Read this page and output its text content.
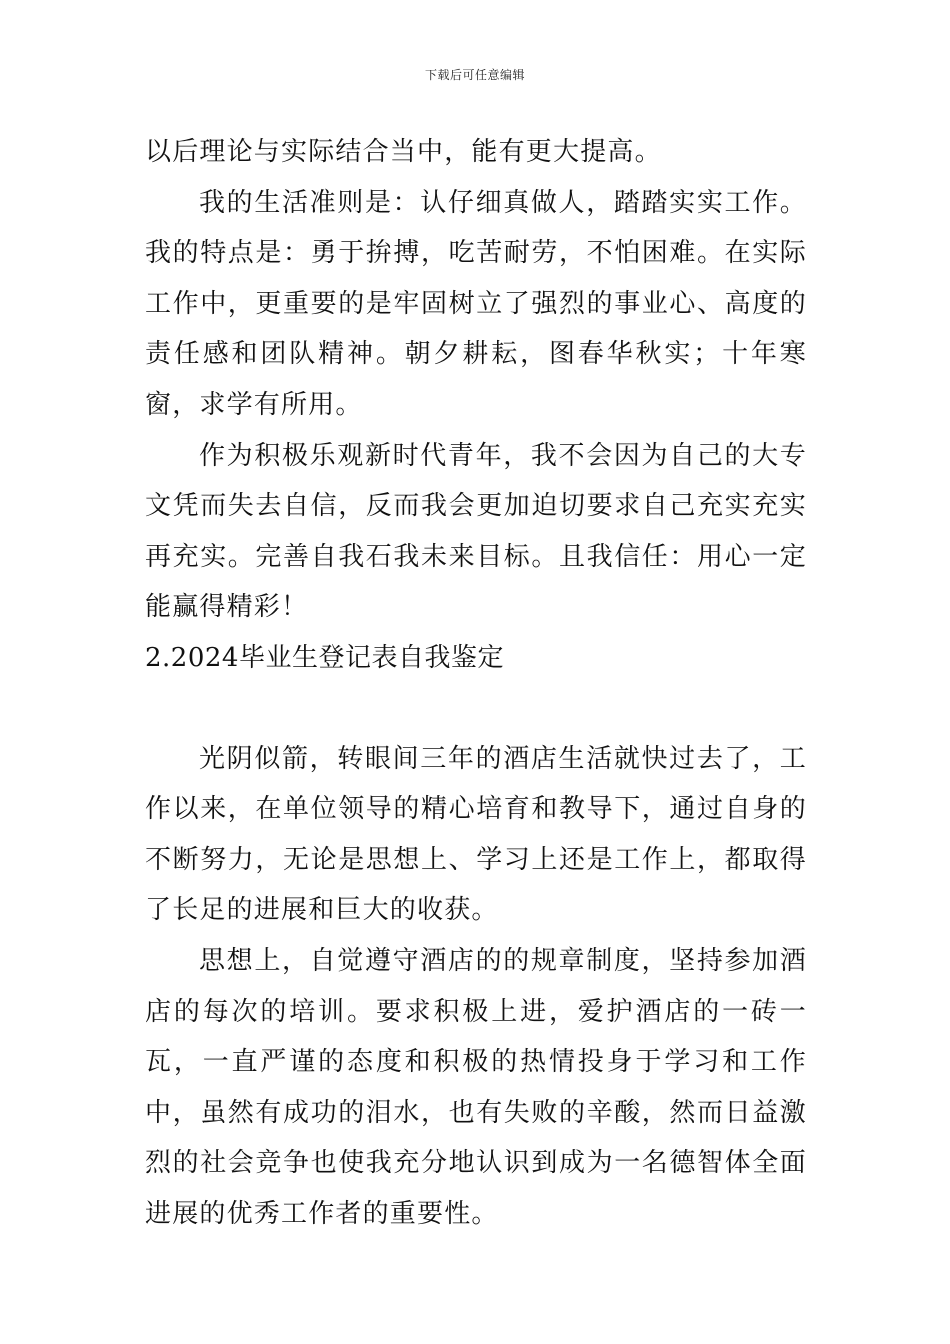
下载后可任意编辑

以后理论与实际结合当中，能有更大提高。

我的生活准则是：认仔细真做人，踏踏实实工作。我的特点是：勇于拚搏，吃苦耐劳，不怕困难。在实际工作中，更重要的是牢固树立了强烈的事业心、高度的责任感和团队精神。朝夕耕耘，图春华秋实；十年寒窗，求学有所用。

作为积极乐观新时代青年，我不会因为自己的大专文凭而失去自信，反而我会更加迫切要求自己充实充实再充实。完善自我石我未来目标。且我信任：用心一定能赢得精彩！

2.2024毕业生登记表自我鉴定

光阴似箭，转眼间三年的酒店生活就快过去了，工作以来，在单位领导的精心培育和教导下，通过自身的不断努力，无论是思想上、学习上还是工作上，都取得了长足的进展和巨大的收获。

思想上，自觉遵守酒店的的规章制度，坚持参加酒店的每次的培训。要求积极上进，爱护酒店的一砖一瓦，一直严谨的态度和积极的热情投身于学习和工作中，虽然有成功的泪水，也有失败的辛酸，然而日益激烈的社会竞争也使我充分地认识到成为一名德智体全面进展的优秀工作者的重要性。
